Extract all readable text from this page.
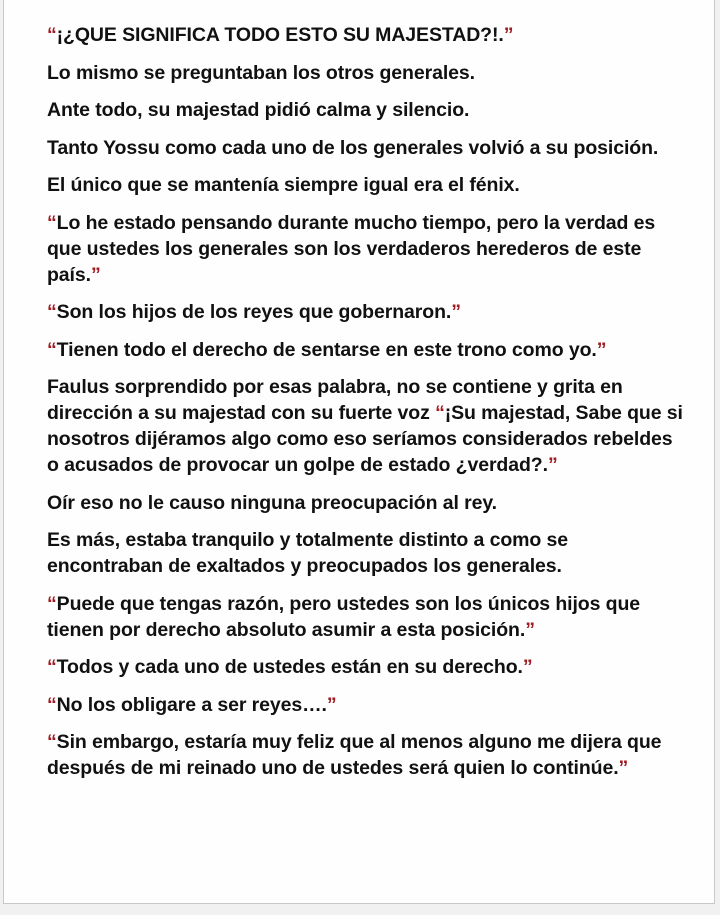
“¡¿QUE SIGNIFICA TODO ESTO SU MAJESTAD?!.”

Lo mismo se preguntaban los otros generales.

Ante todo, su majestad pidió calma y silencio.

Tanto Yossu como cada uno de los generales volvió a su posición.

El único que se mantenía siempre igual era el fénix.

“Lo he estado pensando durante mucho tiempo, pero la verdad es que ustedes los generales son los verdaderos herederos de este país.”

“Son los hijos de los reyes que gobernaron.”

“Tienen todo el derecho de sentarse en este trono como yo.”

Faulus sorprendido por esas palabra, no se contiene y grita en dirección a su majestad con su fuerte voz “¡Su majestad, Sabe que si nosotros dijéramos algo como eso seríamos considerados rebeldes o acusados de provocar un golpe de estado ¿verdad?.”

Oír eso no le causo ninguna preocupación al rey.

Es más, estaba tranquilo y totalmente distinto a como se encontraban de exaltados y preocupados los generales.

“Puede que tengas razón, pero ustedes son los únicos hijos que tienen por derecho absoluto asumir a esta posición.”

“Todos y cada uno de ustedes están en su derecho.”

“No los obligare a ser reyes….”

“Sin embargo, estaría muy feliz que al menos alguno me dijera que después de mi reinado uno de ustedes será quien lo continúe.”
